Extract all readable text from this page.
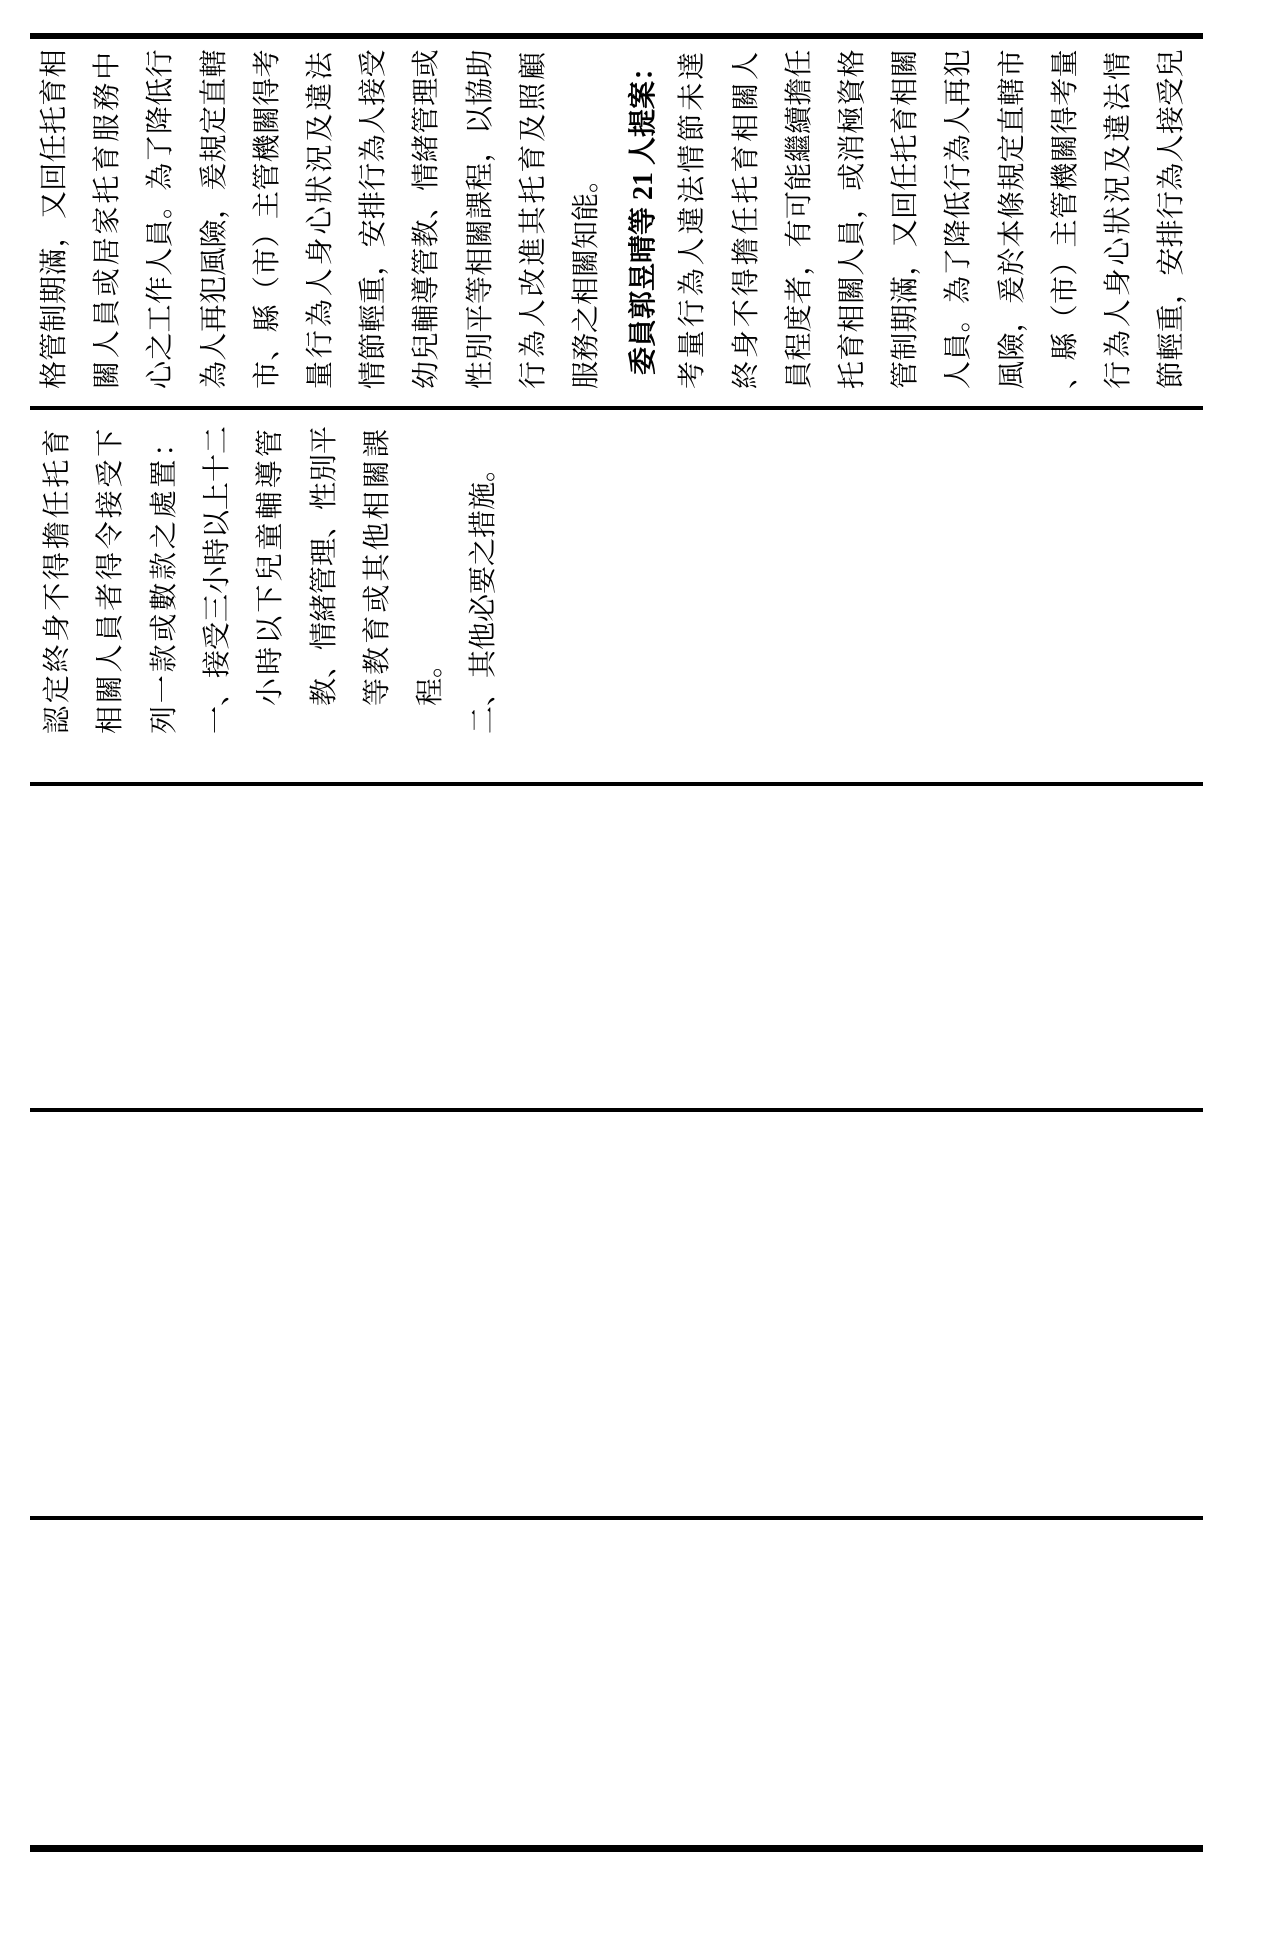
格管制期滿，又回任托育相 關人員或居家托育服務中 心之工作人員。為了降低行 為人再犯風險，爰規定直轄 市、縣（市）主管機關得考 量行為人身心狀況及違法 情節輕重，安排行為人接受 幼兒輔導管教、情緒管理或 性別平等相關課程，以協助 行為人改進其托育及照顧 服務之相關知能。 委員郭昱晴等 21 人提案： 考量行為人違法情節未達 終身不得擔任托育相關人 員程度者，有可能繼續擔任 托育相關人員，或消極資格 管制期滿，又回任托育相關 人員。為了降低行為人再犯 風險，爰於本條規定直轄市 、縣（市）主管機關得考量 行為人身心狀況及違法情 節輕重，安排行為人接受兒
認定終身不得擔任托育 相關人員者得令接受下 列一款或數款之處置： 一、接受三小時以上十二 小時以下兒童輔導管 教、情緒管理、性別平 等教育或其他相關課 程。 二、其他必要之措施。
